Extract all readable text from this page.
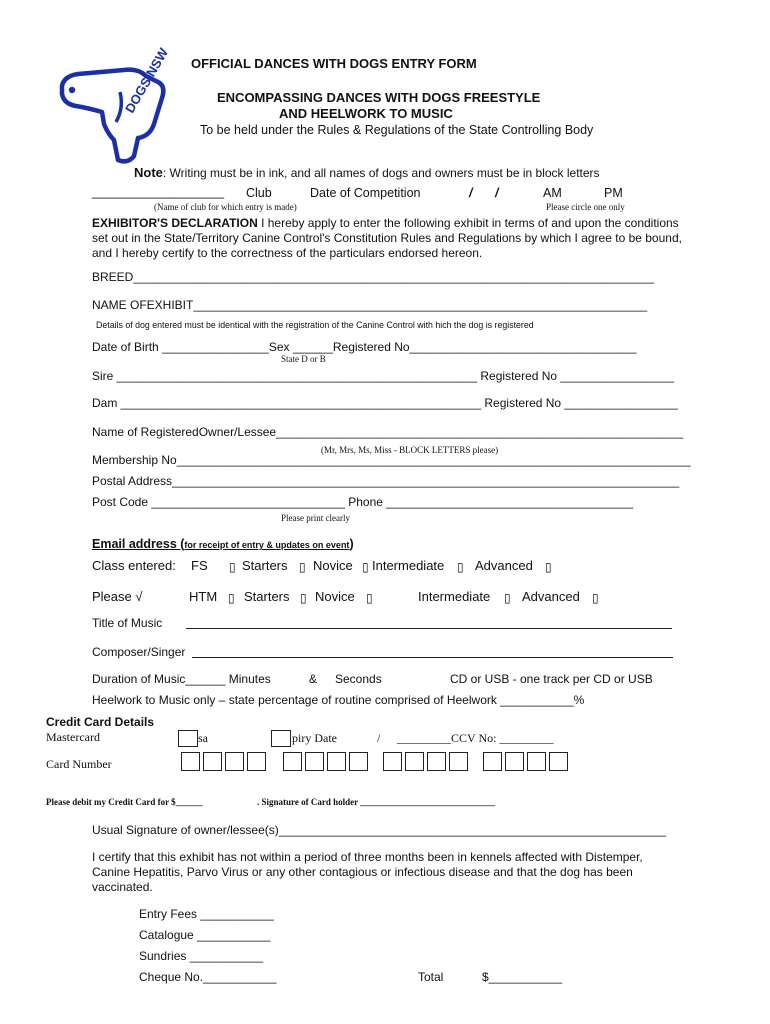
DOGS NSW OFFICIAL DANCES WITH DOGS ENTRY FORM
ENCOMPASSING DANCES WITH DOGS FREESTYLE
AND HEELWORK TO MUSIC
To be held under the Rules & Regulations of the State Controlling Body
Note: Writing must be in ink, and all names of dogs and owners must be in block letters
___________________ Club	Date of Competition	/ /	AM	PM
(Name of club for which entry is made)	Please circle one only
EXHIBITOR'S DECLARATION I hereby apply to enter the following exhibit in terms of and upon the conditions set out in the State/Territory Canine Control's Constitution Rules and Regulations by which I agree to be bound, and I hereby certify to the correctness of the particulars endorsed hereon.
BREED______________________________________________________________________________
NAME OFEXHIBIT____________________________________________________________________
Details of dog entered must be identical with the registration of the Canine Control with hich the dog is registered
Date of Birth ________________Sex ______Registered No__________________________________
State D or B
Sire ______________________________________________________ Registered No _________________
Dam ______________________________________________________ Registered No _________________
Name of RegisteredOwner/Lessee_____________________________________________________________
(Mr, Mrs, Ms, Miss - BLOCK LETTERS please)
Membership No_____________________________________________________________________________
Postal Address____________________________________________________________________________
Post Code _____________________________ Phone _____________________________________
Please print clearly
Email address (for receipt of entry & updates on event)
Class entered: FS ▯ Starters ▯ Novice ▯ Intermediate ▯ Advanced ▯
Please √	HTM ▯ Starters ▯ Novice ▯	Intermediate ▯ Advanced ▯
Title of Music
Composer/Singer
Duration of Music______ Minutes	& Seconds	CD or USB - one track per CD or USB
Heelwork to Music only – state percentage of routine comprised of Heelwork ___________%
Credit Card Details
Mastercard	sa	piry Date	/ _________CCV No: _________
Card Number
Please debit my Credit Card for $______	. Signature of Card holder ______________________________
Usual Signature of owner/lessee(s)__________________________________________________________
I certify that this exhibit has not within a period of three months been in kennels affected with Distemper, Canine Hepatitis, Parvo Virus or any other contagious or infectious disease and that the dog has been vaccinated.
Entry Fees ___________
Catalogue ___________
Sundries ___________
Cheque No.___________	Total	$___________
